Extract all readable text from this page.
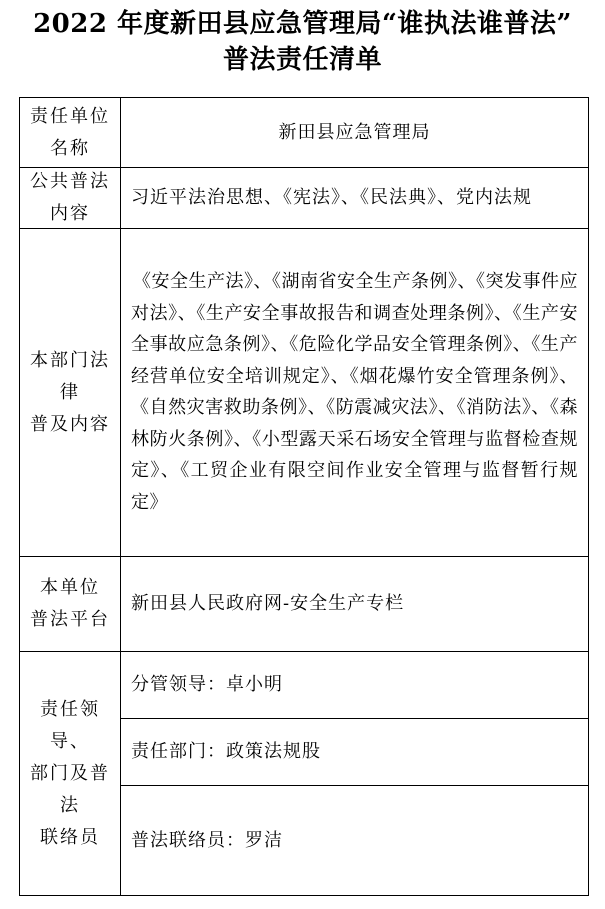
2022 年度新田县应急管理局“谁执法谁普法”
普法责任清单
责任单位
名称
新田县应急管理局
公共普法
内容
习近平法治思想、《宪法》、《民法典》、党内法规
本部门法
律
普及内容
《安全生产法》、《湖南省安全生产条例》、《突发事件应对法》、《生产安全事故报告和调查处理条例》、《生产安全事故应急条例》、《危险化学品安全管理条例》、《生产经营单位安全培训规定》、《烟花爆竹安全管理条例》、《自然灾害救助条例》、《防震减灾法》、《消防法》、《森林防火条例》、《小型露天采石场安全管理与监督检查规定》、《工贸企业有限空间作业安全管理与监督暂行规定》
本单位
普法平台
新田县人民政府网-安全生产专栏
责任领
导、
部门及普
法
联络员
分管领导：卓小明
责任部门：政策法规股
普法联络员：罗洁
